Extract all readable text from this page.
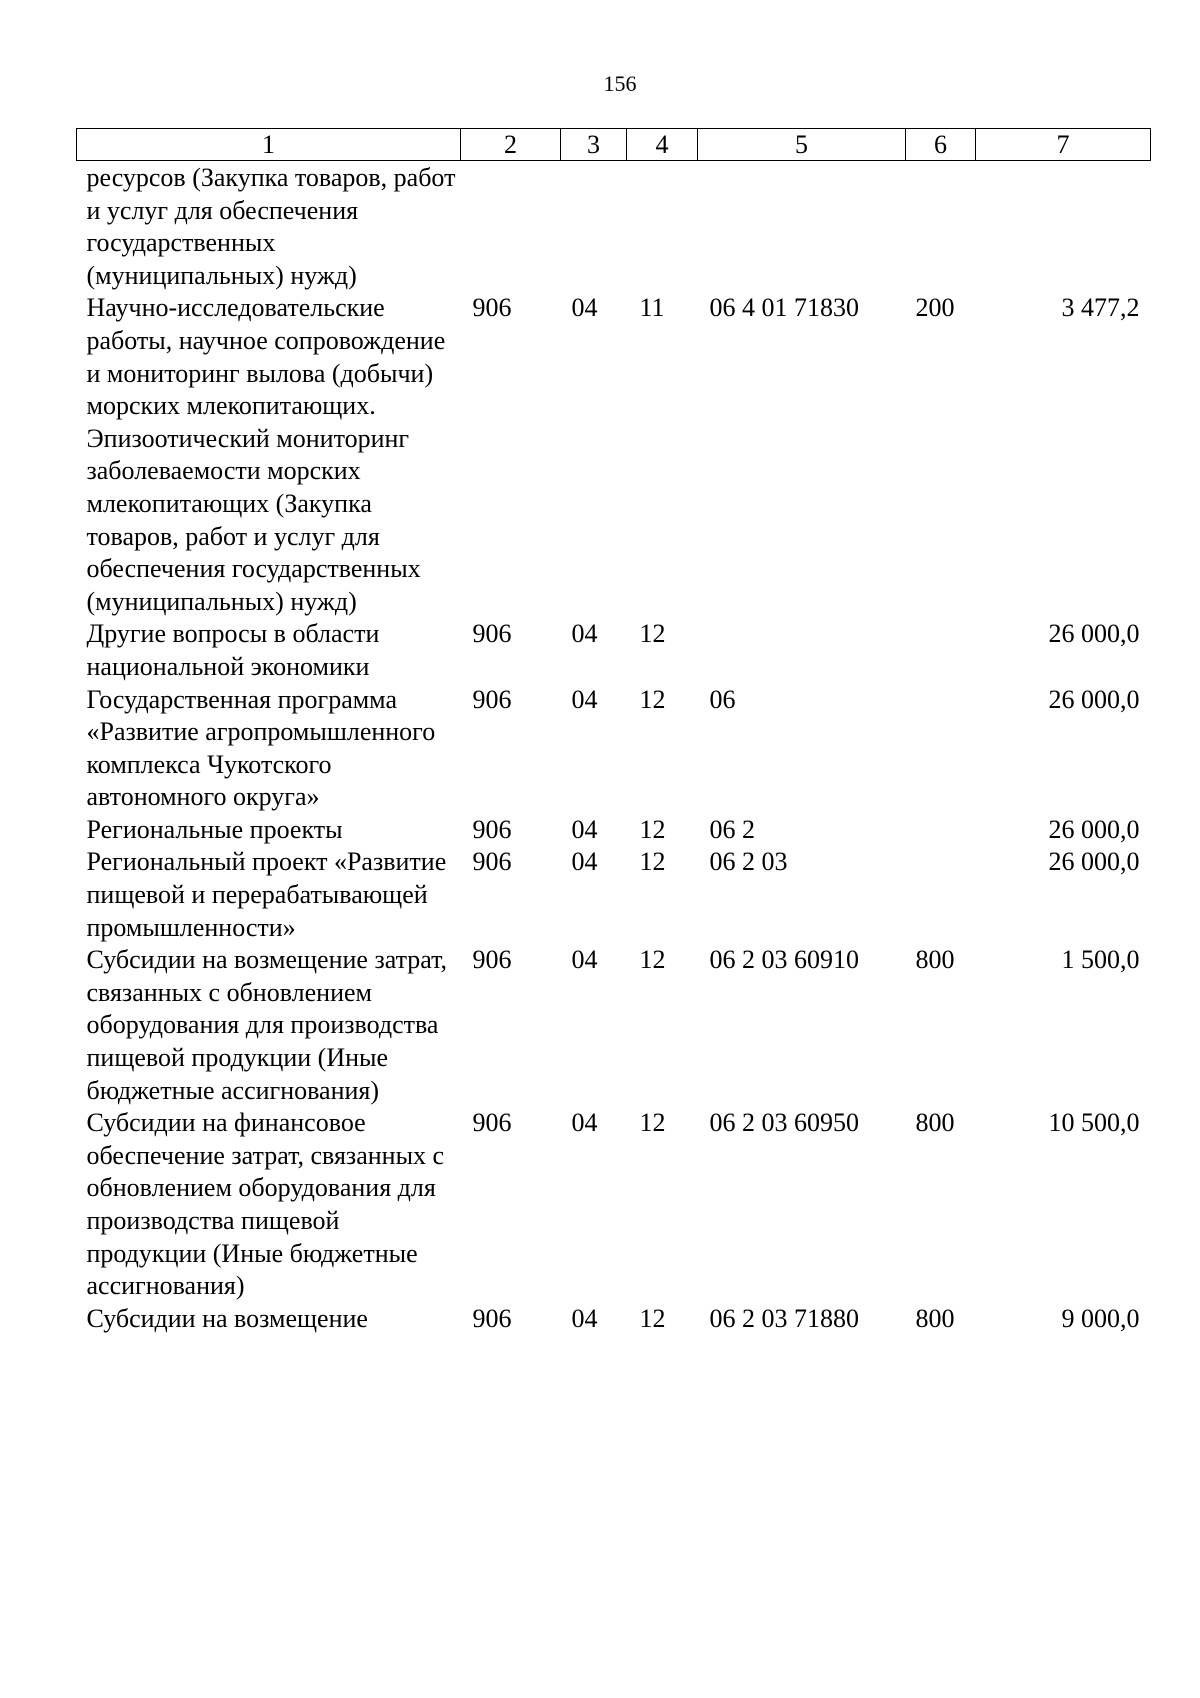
156
1	2	3	4	5	6	7
ресурсов (Закупка товаров, работ и услуг для обеспечения государственных (муниципальных) нужд)						
Научно-исследовательские работы, научное сопровождение и мониторинг вылова (добычи) морских млекопитающих. Эпизоотический мониторинг заболеваемости морских млекопитающих (Закупка товаров, работ и услуг для обеспечения государственных (муниципальных) нужд)	906	04	11	06 4 01 71830	200	3 477,2
Другие вопросы в области национальной экономики	906	04	12			26 000,0
Государственная программа «Развитие агропромышленного комплекса Чукотского автономного округа»	906	04	12	06		26 000,0
Региональные проекты	906	04	12	06 2		26 000,0
Региональный проект «Развитие пищевой и перерабатывающей промышленности»	906	04	12	06 2 03		26 000,0
Субсидии на возмещение затрат, связанных с обновлением оборудования для производства пищевой продукции (Иные бюджетные ассигнования)	906	04	12	06 2 03 60910	800	1 500,0
Субсидии на финансовое обеспечение затрат, связанных с обновлением оборудования для производства пищевой продукции (Иные бюджетные ассигнования)	906	04	12	06 2 03 60950	800	10 500,0
Субсидии на возмещение	906	04	12	06 2 03 71880	800	9 000,0
